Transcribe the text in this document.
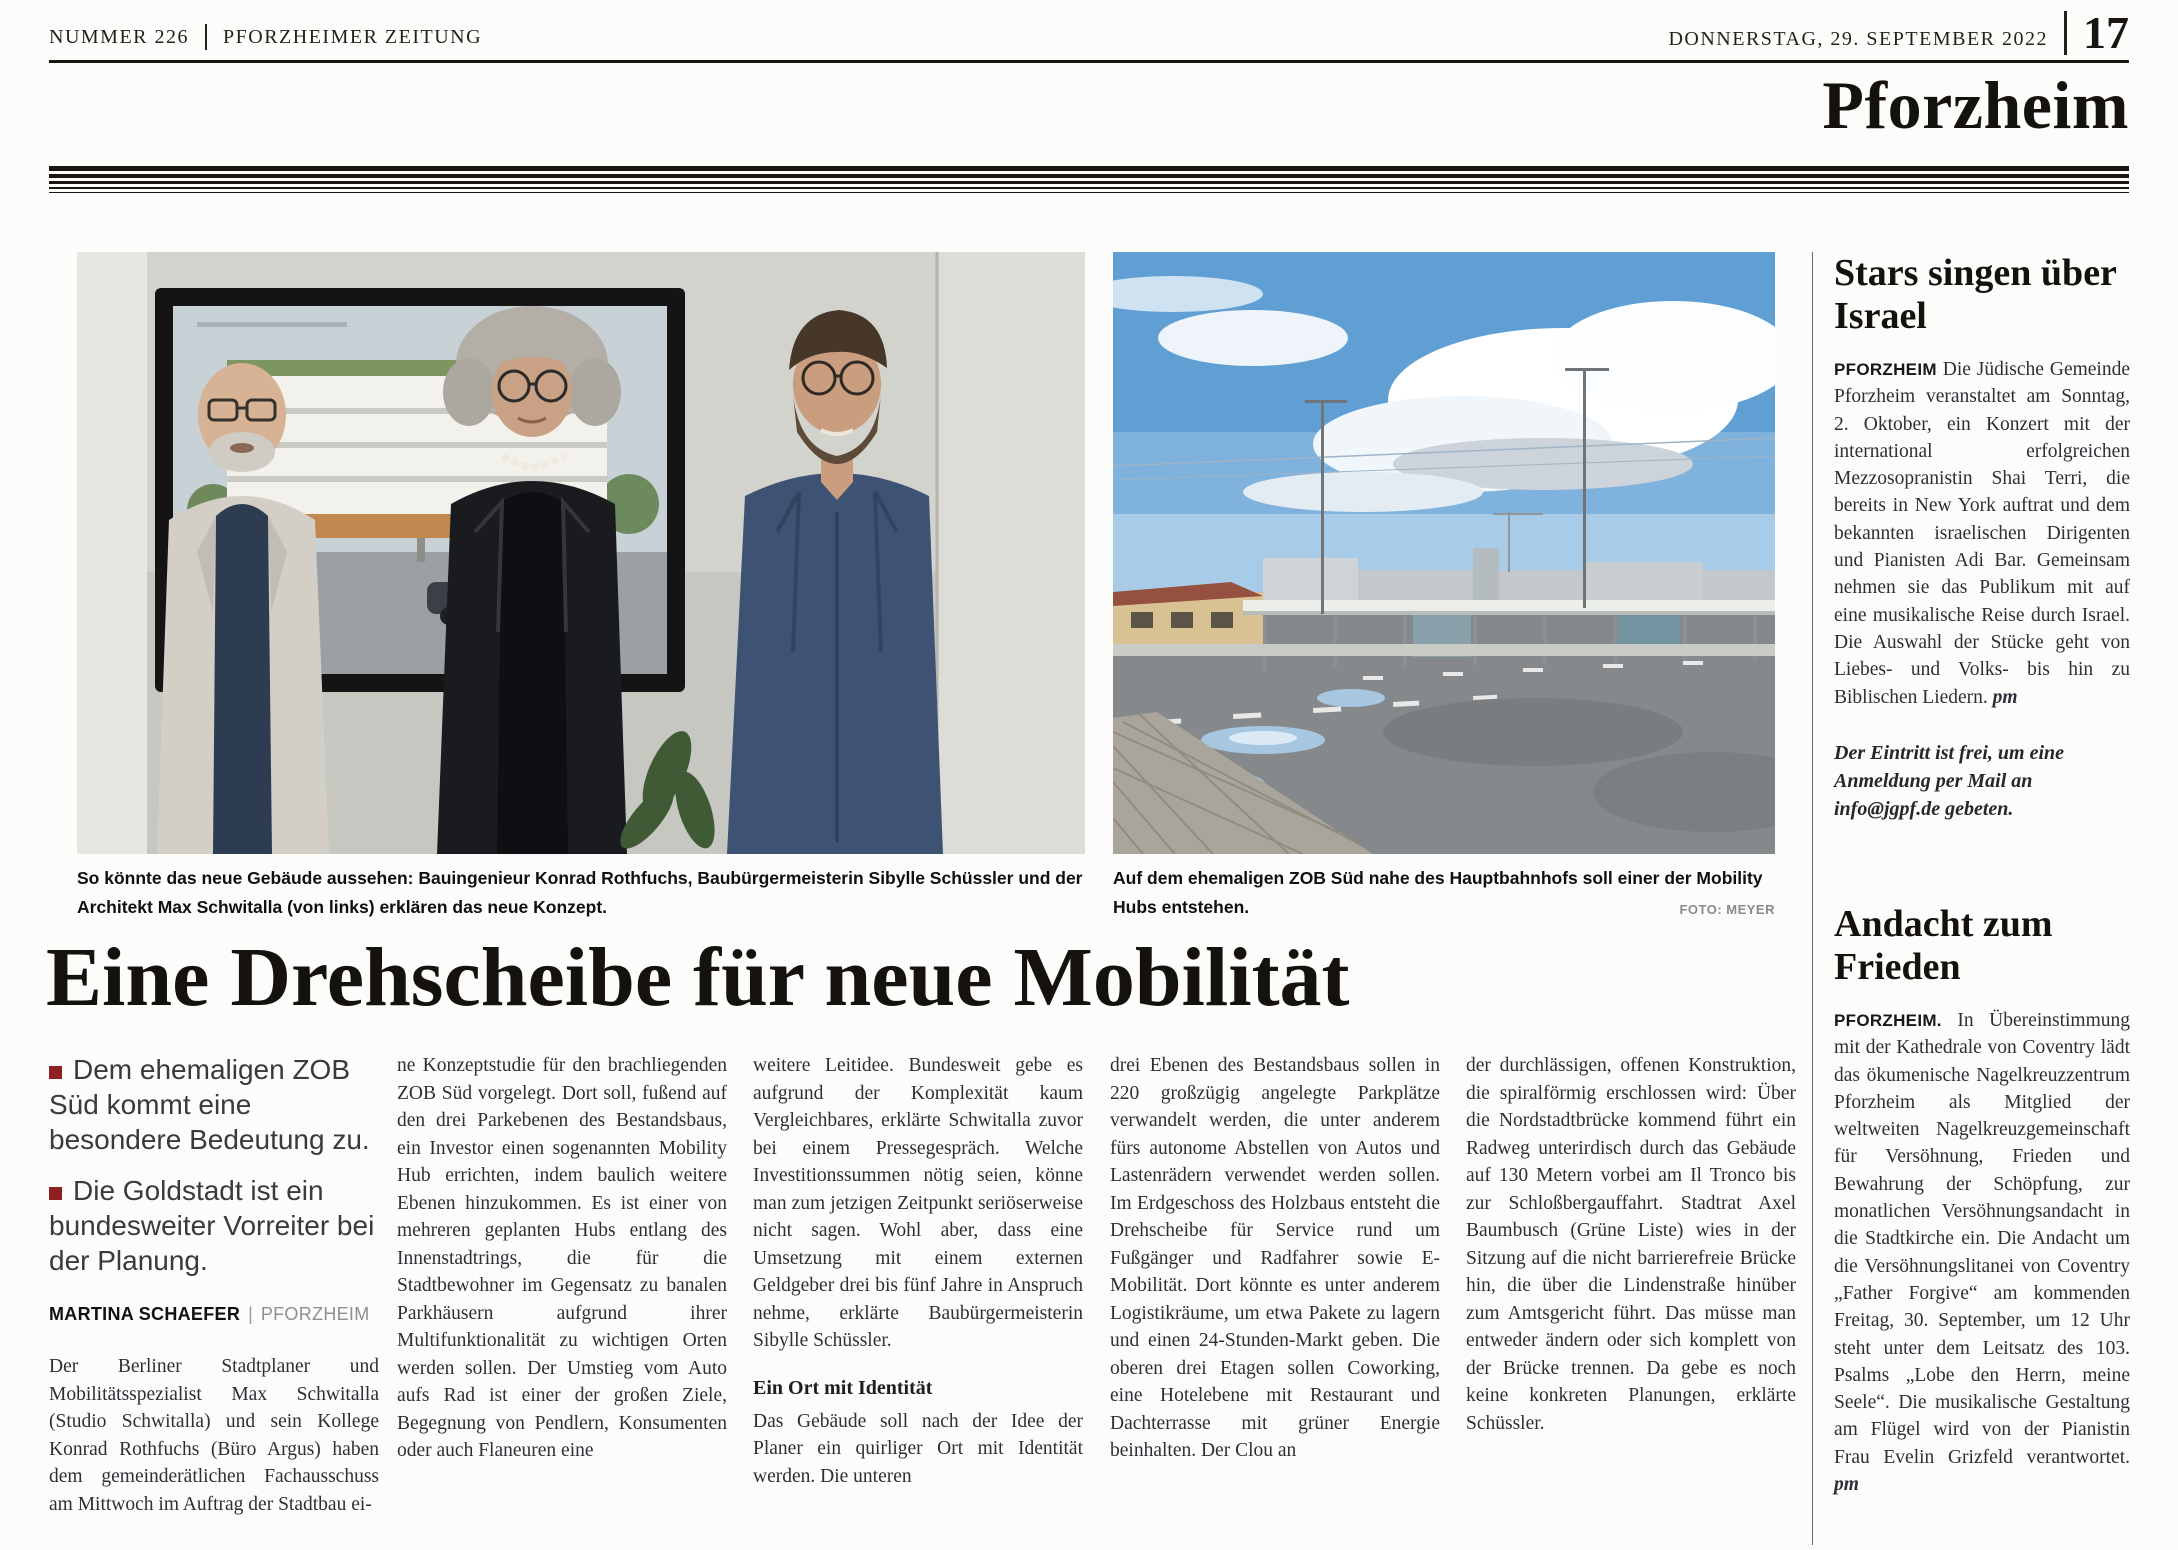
NUMMER 226 PFORZHEIMER ZEITUNG	DONNERSTAG, 29. SEPTEMBER 2022 17
Pforzheim
So könnte das neue Gebäude aussehen: Bauingenieur Konrad Rothfuchs, Baubürgermeisterin Sibylle Schüssler und der Architekt Max Schwitalla (von links) erklären das neue Konzept.
Auf dem ehemaligen ZOB Süd nahe des Hauptbahnhofs soll einer der Mobility Hubs entstehen.	FOTO: MEYER
Eine Drehscheibe für neue Mobilität

Dem ehemaligen ZOB Süd kommt eine besondere Bedeutung zu.

Die Goldstadt ist ein bundesweiter Vorreiter bei der Planung.

MARTINA SCHAEFER | PFORZHEIM

Der Berliner Stadtplaner und Mobilitätsspezialist Max Schwitalla (Studio Schwitalla) und sein Kollege Konrad Rothfuchs (Büro Argus) haben dem gemeinderätlichen Fachausschuss am Mittwoch im Auftrag der Stadtbau ei-

ne Konzeptstudie für den brachliegenden ZOB Süd vorgelegt. Dort soll, fußend auf den drei Parkebenen des Bestandsbaus, ein Investor einen sogenannten Mobility Hub errichten, indem baulich weitere Ebenen hinzukommen. Es ist einer von mehreren geplanten Hubs entlang des Innenstadtrings, die für die Stadtbewohner im Gegensatz zu banalen Parkhäusern aufgrund ihrer Multifunktionalität zu wichtigen Orten werden sollen. Der Umstieg vom Auto aufs Rad ist einer der großen Ziele, Begegnung von Pendlern, Konsumenten oder auch Flaneuren eine

weitere Leitidee. Bundesweit gebe es aufgrund der Komplexität kaum Vergleichbares, erklärte Schwitalla zuvor bei einem Pressegespräch. Welche Investitionssummen nötig seien, könne man zum jetzigen Zeitpunkt seriöserweise nicht sagen. Wohl aber, dass eine Umsetzung mit einem externen Geldgeber drei bis fünf Jahre in Anspruch nehme, erklärte Baubürgermeisterin Sibylle Schüssler.

Ein Ort mit Identität

Das Gebäude soll nach der Idee der Planer ein quirliger Ort mit Identität werden. Die unteren

drei Ebenen des Bestandsbaus sollen in 220 großzügig angelegte Parkplätze verwandelt werden, die unter anderem fürs autonome Abstellen von Autos und Lastenrädern verwendet werden sollen. Im Erdgeschoss des Holzbaus entsteht die Drehscheibe für Service rund um Fußgänger und Radfahrer sowie E-Mobilität. Dort könnte es unter anderem Logistikräume, um etwa Pakete zu lagern und einen 24-Stunden-Markt geben. Die oberen drei Etagen sollen Coworking, eine Hotelebene mit Restaurant und Dachterrasse mit grüner Energie beinhalten. Der Clou an

der durchlässigen, offenen Konstruktion, die spiralförmig erschlossen wird: Über die Nordstadtbrücke kommend führt ein Radweg unterirdisch durch das Gebäude auf 130 Metern vorbei am Il Tronco bis zur Schloßbergauffahrt. Stadtrat Axel Baumbusch (Grüne Liste) wies in der Sitzung auf die nicht barrierefreie Brücke hin, die über die Lindenstraße hinüber zum Amtsgericht führt. Das müsse man entweder ändern oder sich komplett von der Brücke trennen. Da gebe es noch keine konkreten Planungen, erklärte Schüssler.

Stars singen über Israel

PFORZHEIM Die Jüdische Gemeinde Pforzheim veranstaltet am Sonntag, 2. Oktober, ein Konzert mit der international erfolgreichen Mezzosopranistin Shai Terri, die bereits in New York auftrat und dem bekannten israelischen Dirigenten und Pianisten Adi Bar. Gemeinsam nehmen sie das Publikum mit auf eine musikalische Reise durch Israel. Die Auswahl der Stücke geht von Liebes- und Volks- bis hin zu Biblischen Liedern. pm

Der Eintritt ist frei, um eine Anmeldung per Mail an info@jgpf.de gebeten.

Andacht zum Frieden

PFORZHEIM. In Übereinstimmung mit der Kathedrale von Coventry lädt das ökumenische Nagelkreuzzentrum Pforzheim als Mitglied der weltweiten Nagelkreuzgemeinschaft für Versöhnung, Frieden und Bewahrung der Schöpfung, zur monatlichen Versöhnungsandacht in die Stadtkirche ein. Die Andacht um die Versöhnungslitanei von Coventry „Father Forgive“ am kommenden Freitag, 30. September, um 12 Uhr steht unter dem Leitsatz des 103. Psalms „Lobe den Herrn, meine Seele“. Die musikalische Gestaltung am Flügel wird von der Pianistin Frau Evelin Grizfeld verantwortet. pm
